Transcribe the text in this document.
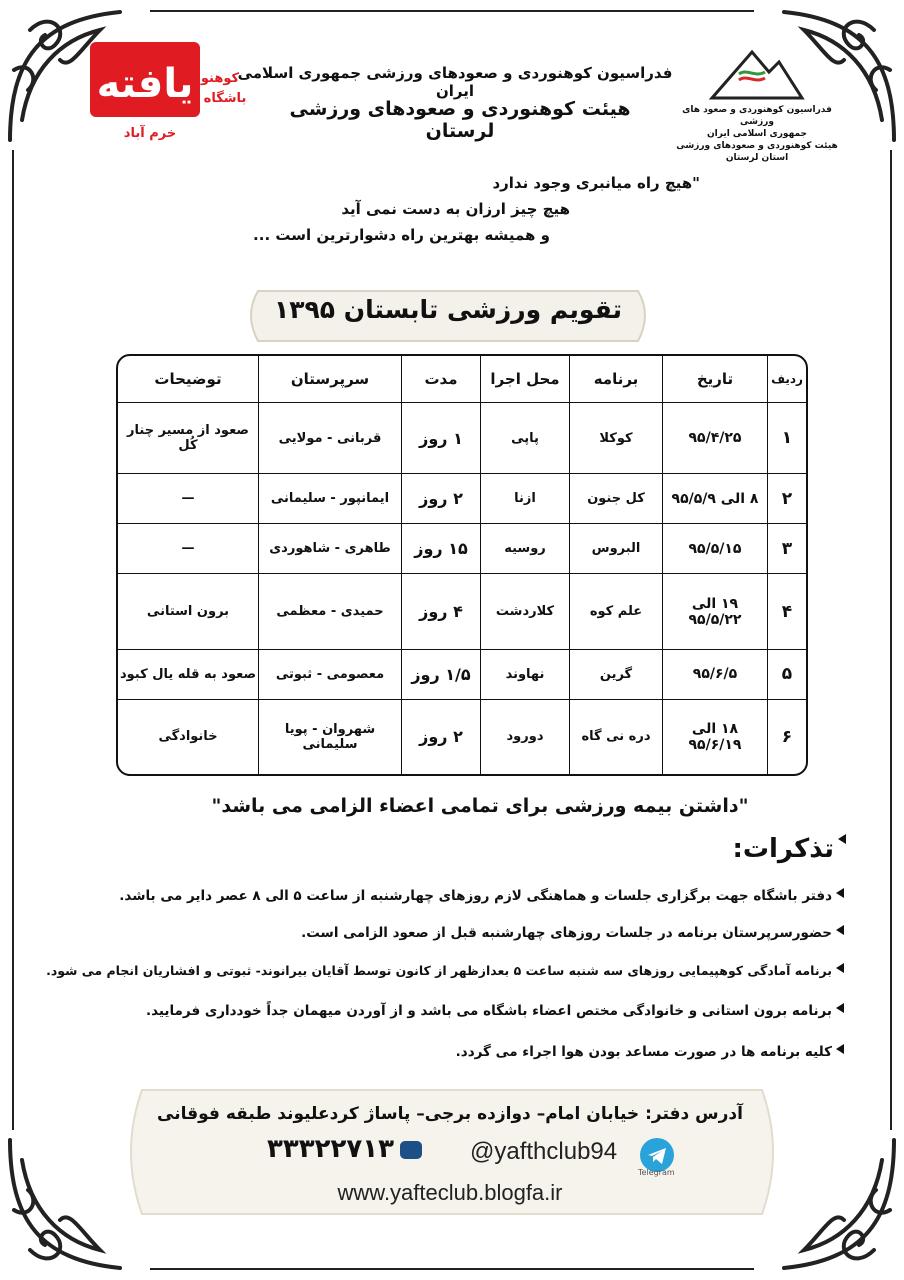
یافته کوهنو
باشگاه
خرم آباد
فدراسیون کوهنوردی و صعودهای ورزشی جمهوری اسلامی ایران
هیئت کوهنوردی و صعودهای ورزشی لرستان
فدراسیون کوهنوردی و صعود های ورزشی
جمهوری اسلامی ایران
هیئت کوهنوردی و صعودهای ورزشی استان لرستان
"هیچ راه میانبری وجود ندارد
هیچ چیز ارزان به دست نمی آید
و همیشه بهترین راه دشوارترین است ...
تقویم ورزشی تابستان ۱۳۹۵
ردیف	تاریخ	برنامه	محل اجرا	مدت	سرپرستان	توضیحات
۱	۹۵/۴/۲۵	کوکلا	پاپی	۱ روز	قربانی - مولایی	صعود از مسیر چنار کُل
۲	۸ الی ۹۵/۵/۹	کل جنون	ازنا	۲ روز	ایمانپور - سلیمانی	—
۳	۹۵/۵/۱۵	البروس	روسیه	۱۵ روز	طاهری - شاهوردی	—
۴	۱۹ الی ۹۵/۵/۲۲	علم کوه	کلاردشت	۴ روز	حمیدی - معظمی	برون استانی
۵	۹۵/۶/۵	گرین	نهاوند	۱/۵ روز	معصومی - ثبوتی	صعود به قله یال کبود
۶	۱۸ الی ۹۵/۶/۱۹	دره نی گاه	دورود	۲ روز	شهروان - پویا سلیمانی	خانوادگی
"داشتن بیمه ورزشی برای تمامی اعضاء الزامی می باشد"
تذکرات:
دفتر باشگاه جهت برگزاری جلسات و هماهنگی لازم روزهای چهارشنبه از ساعت ۵ الی ۸ عصر دایر می باشد.
حضورسرپرستان برنامه در جلسات روزهای چهارشنبه قبل از صعود الزامی است.
برنامه آمادگی کوهپیمایی روزهای سه شنبه ساعت ۵ بعدازظهر از کانون توسط آقایان بیرانوند- ثبوتی و افشاریان انجام می شود.
برنامه برون استانی و خانوادگی مختص اعضاء باشگاه می باشد و از آوردن میهمان جداً خودداری فرمایید.
کلیه برنامه ها در صورت مساعد بودن هوا اجراء می گردد.
آدرس دفتر: خیابان امام– دوازده برجی– پاساژ کردعلیوند طبقه فوقانی
۳۳۳۲۲۷۱۳	@yafthclub94
Telegram
www.yafteclub.blogfa.ir
